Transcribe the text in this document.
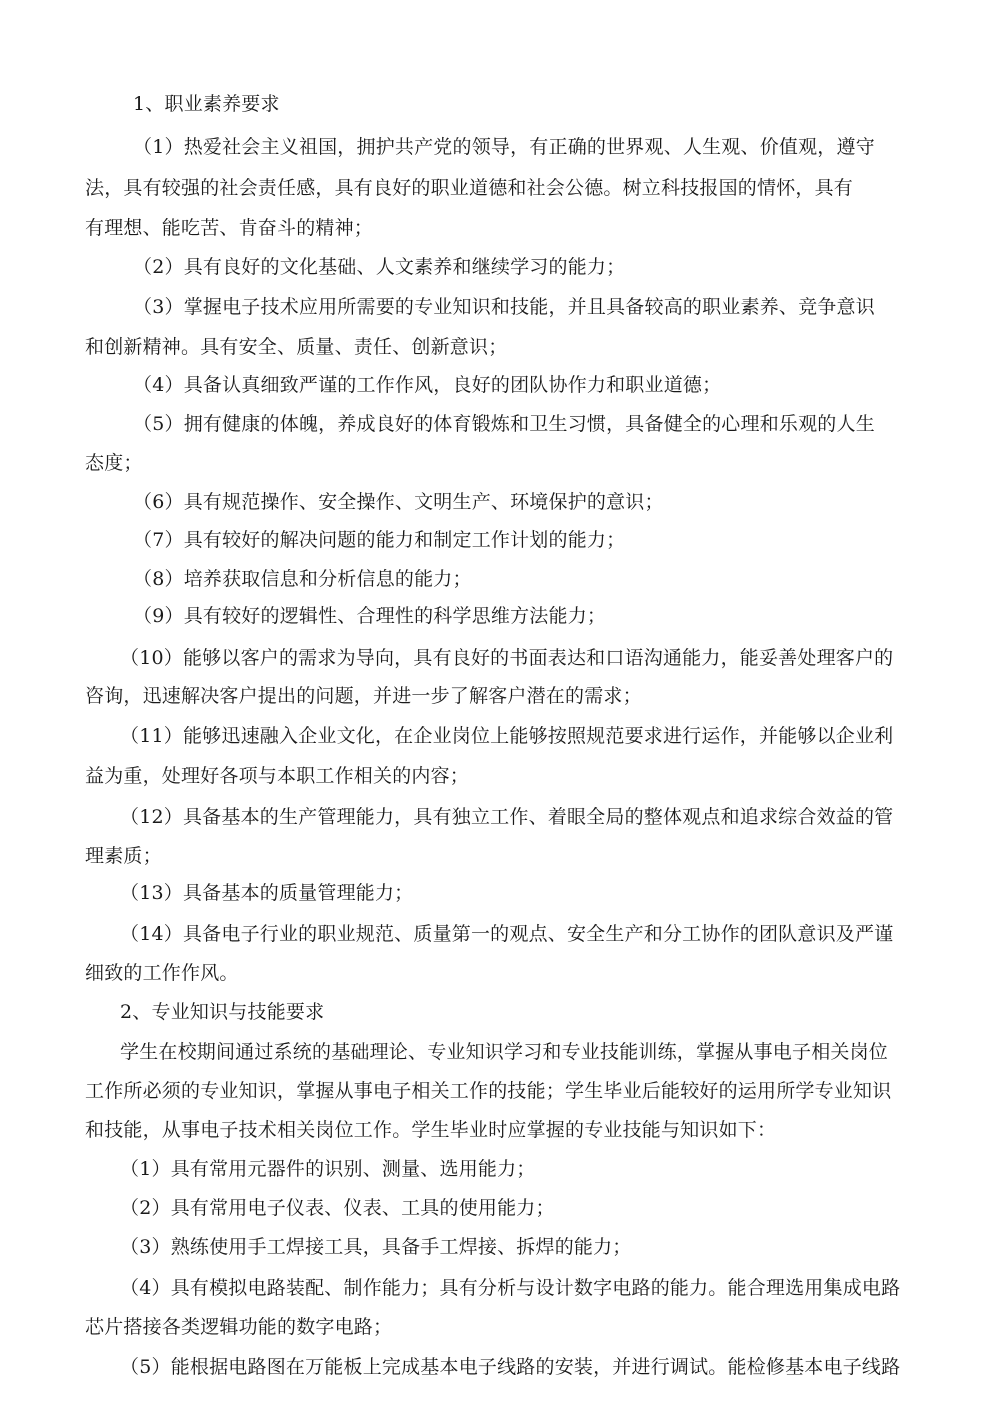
1、职业素养要求
（1）热爱社会主义祖国，拥护共产党的领导，有正确的世界观、人生观、价值观，遵守
法，具有较强的社会责任感，具有良好的职业道德和社会公德。树立科技报国的情怀，具有
有理想、能吃苦、肯奋斗的精神；
（2）具有良好的文化基础、人文素养和继续学习的能力；
（3）掌握电子技术应用所需要的专业知识和技能，并且具备较高的职业素养、竞争意识
和创新精神。具有安全、质量、责任、创新意识；
（4）具备认真细致严谨的工作作风，良好的团队协作力和职业道德；
（5）拥有健康的体魄，养成良好的体育锻炼和卫生习惯，具备健全的心理和乐观的人生
态度；
（6）具有规范操作、安全操作、文明生产、环境保护的意识；
（7）具有较好的解决问题的能力和制定工作计划的能力；
（8）培养获取信息和分析信息的能力；
（9）具有较好的逻辑性、合理性的科学思维方法能力；
（10）能够以客户的需求为导向，具有良好的书面表达和口语沟通能力，能妥善处理客户的
咨询，迅速解决客户提出的问题，并进一步了解客户潜在的需求；
（11）能够迅速融入企业文化，在企业岗位上能够按照规范要求进行运作，并能够以企业利
益为重，处理好各项与本职工作相关的内容；
（12）具备基本的生产管理能力，具有独立工作、着眼全局的整体观点和追求综合效益的管
理素质；
（13）具备基本的质量管理能力；
（14）具备电子行业的职业规范、质量第一的观点、安全生产和分工协作的团队意识及严谨
细致的工作作风。
2、专业知识与技能要求
学生在校期间通过系统的基础理论、专业知识学习和专业技能训练，掌握从事电子相关岗位
工作所必须的专业知识，掌握从事电子相关工作的技能；学生毕业后能较好的运用所学专业知识
和技能，从事电子技术相关岗位工作。学生毕业时应掌握的专业技能与知识如下：
（1）具有常用元器件的识别、测量、选用能力；
（2）具有常用电子仪表、仪表、工具的使用能力；
（3）熟练使用手工焊接工具，具备手工焊接、拆焊的能力；
（4）具有模拟电路装配、制作能力；具有分析与设计数字电路的能力。能合理选用集成电路
芯片搭接各类逻辑功能的数字电路；
（5）能根据电路图在万能板上完成基本电子线路的安装，并进行调试。能检修基本电子线路
